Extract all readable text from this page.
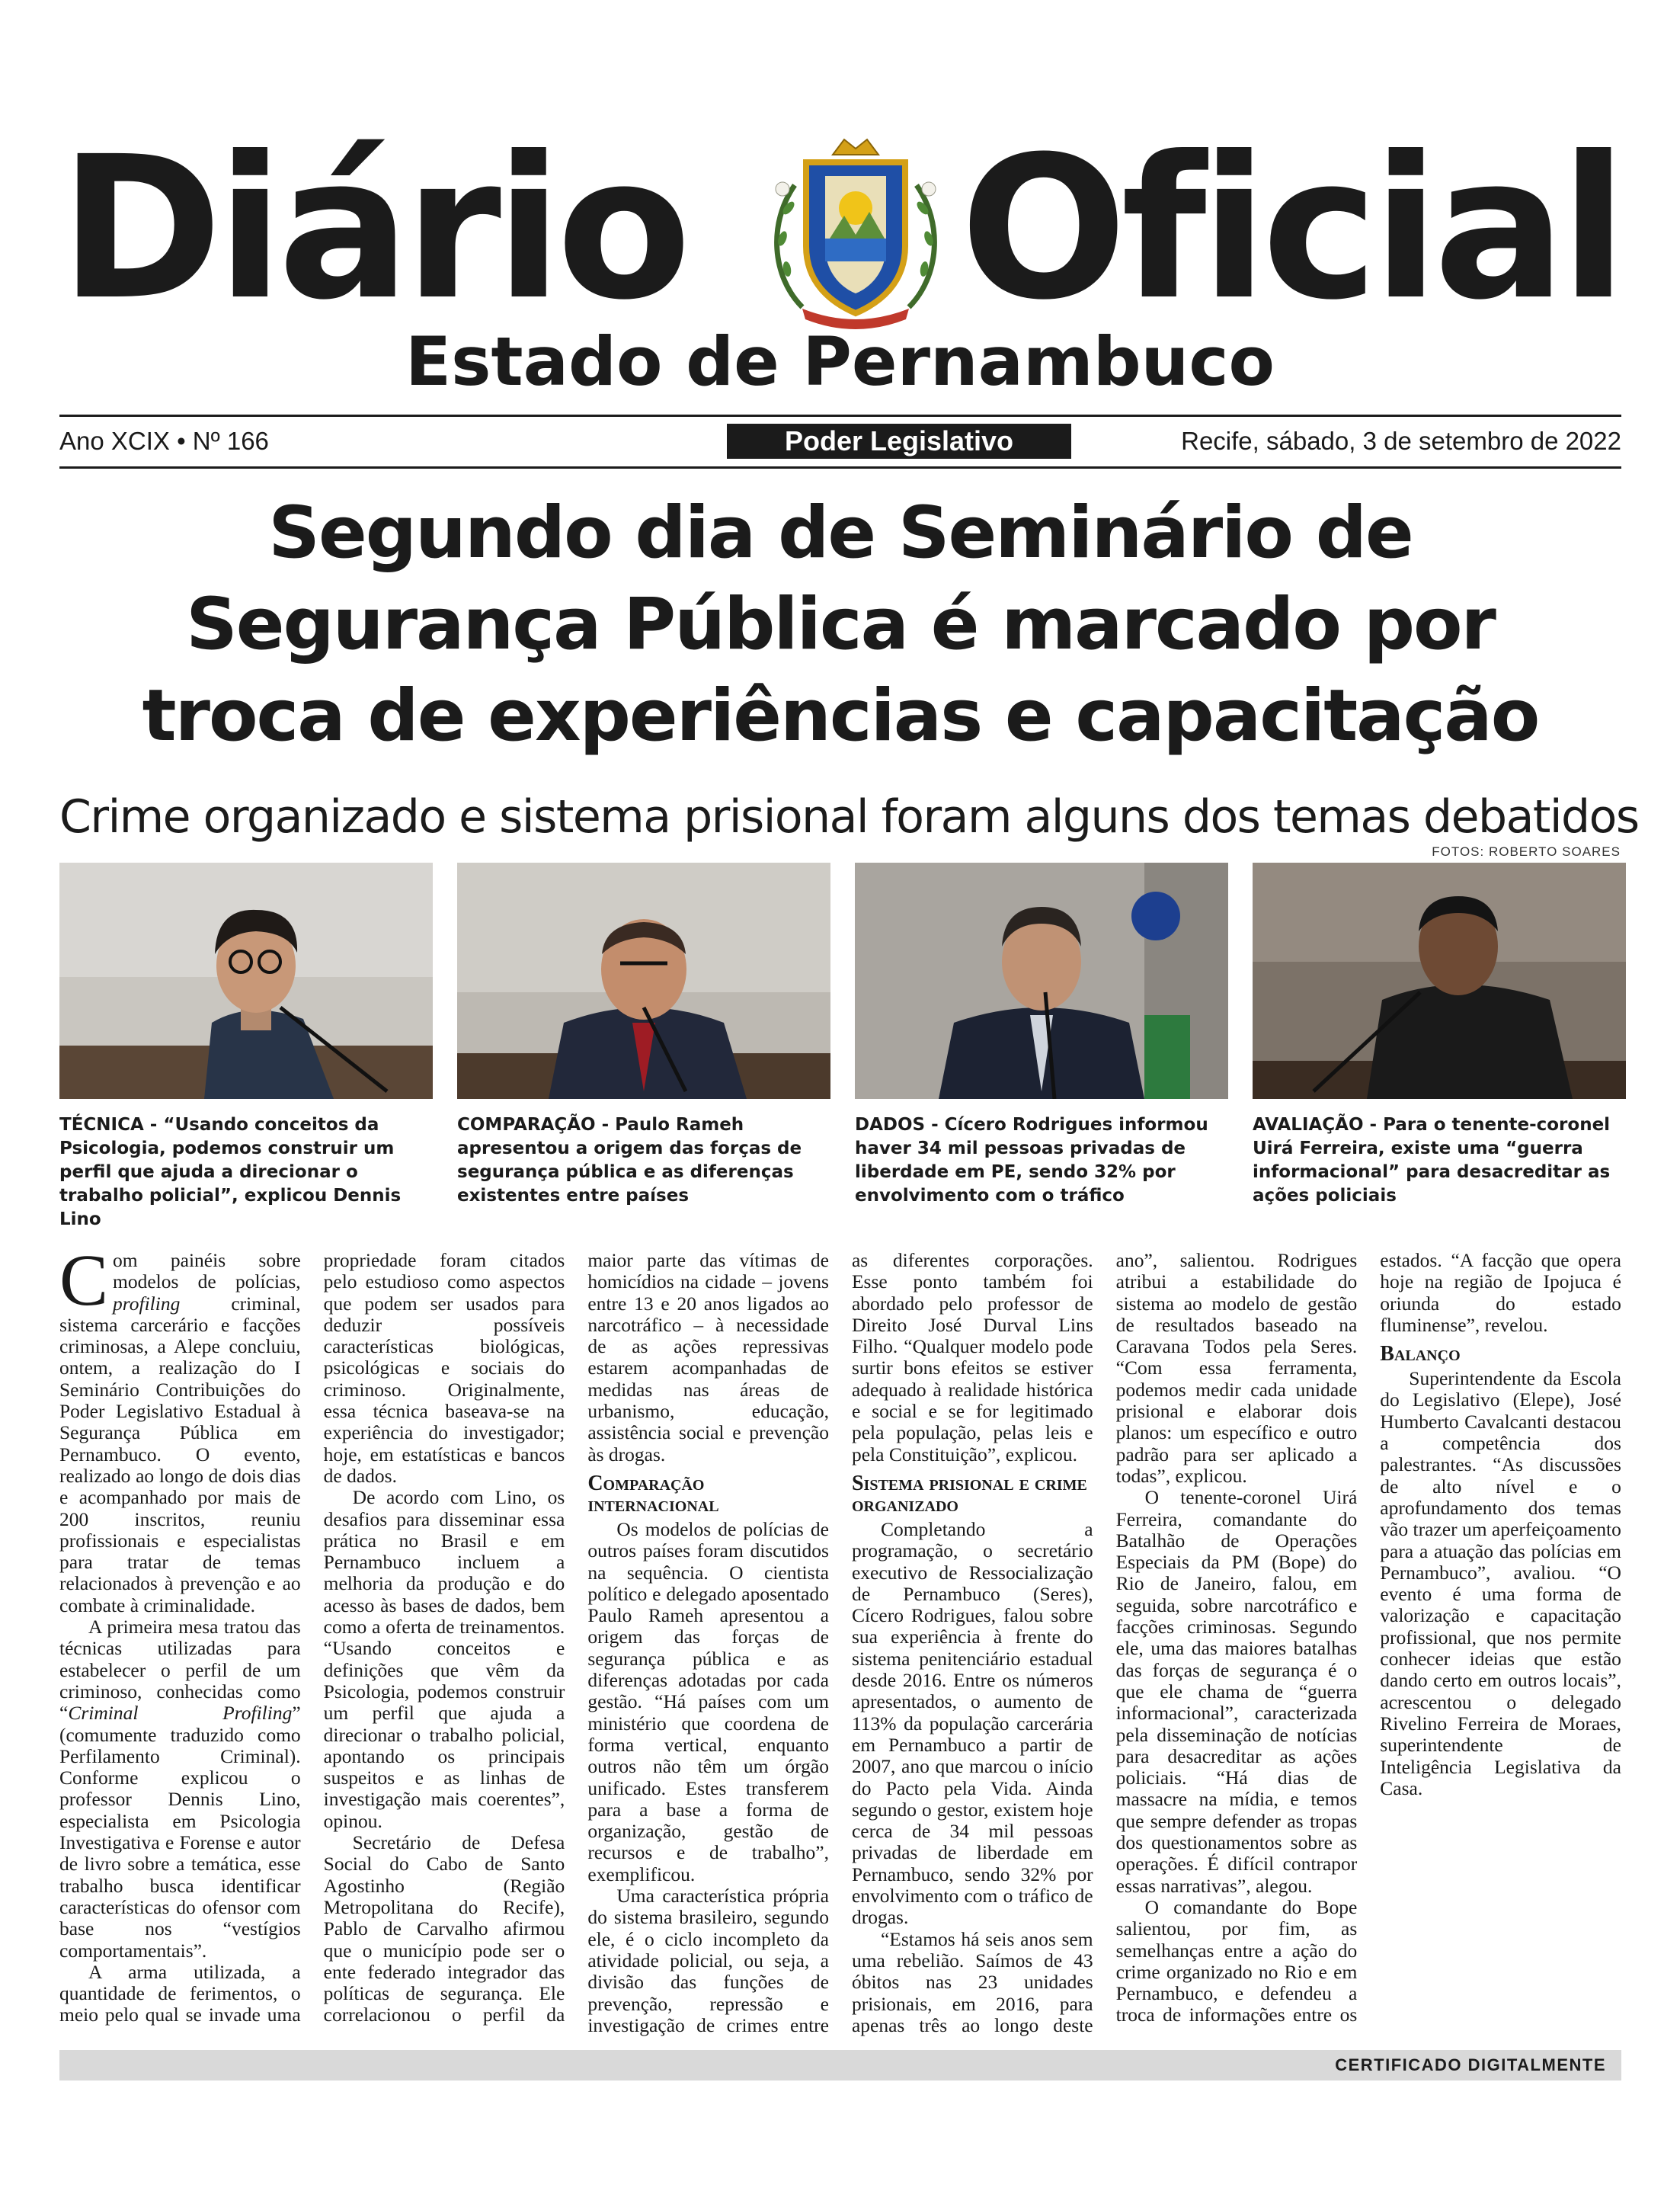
Diário Oficial
Estado de Pernambuco
Ano XCIX • Nº 166	Poder Legislativo	Recife, sábado, 3 de setembro de 2022
Segundo dia de Seminário de
Segurança Pública é marcado por
troca de experiências e capacitação
Crime organizado e sistema prisional foram alguns dos temas debatidos
FOTOS: ROBERTO SOARES
TÉCNICA - “Usando conceitos da Psicologia, podemos construir um perfil que ajuda a direcionar o trabalho policial”, explicou Dennis Lino
COMPARAÇÃO - Paulo Rameh apresentou a origem das forças de segurança pública e as diferenças existentes entre países
DADOS - Cícero Rodrigues informou haver 34 mil pessoas privadas de liberdade em PE, sendo 32% por envolvimento com o tráfico
AVALIAÇÃO - Para o tenente-coronel Uirá Ferreira, existe uma “guerra informacional” para desacreditar as ações policiais

Com painéis sobre modelos de polícias, profiling criminal, sistema carcerário e facções criminosas, a Alepe concluiu, ontem, a realização do I Seminário Contribuições do Poder Legislativo Estadual à Segurança Pública em Pernambuco. O evento, realizado ao longo de dois dias e acompanhado por mais de 200 inscritos, reuniu profissionais e especialistas para tratar de temas relacionados à prevenção e ao combate à criminalidade.

A primeira mesa tratou das técnicas utilizadas para estabelecer o perfil de um criminoso, conhecidas como “Criminal Profiling” (comumente traduzido como Perfilamento Criminal). Conforme explicou o professor Dennis Lino, especialista em Psicologia Investigativa e Forense e autor de livro sobre a temática, esse trabalho busca identificar características do ofensor com base nos “vestígios comportamentais”.

A arma utilizada, a quantidade de ferimentos, o meio pelo qual se invade uma propriedade foram citados pelo estudioso como aspectos que podem ser usados para deduzir possíveis características biológicas, psicológicas e sociais do criminoso. Originalmente, essa técnica baseava-se na experiência do investigador; hoje, em estatísticas e bancos de dados.

De acordo com Lino, os desafios para disseminar essa prática no Brasil e em Pernambuco incluem a melhoria da produção e do acesso às bases de dados, bem como a oferta de treinamentos. “Usando conceitos e definições que vêm da Psicologia, podemos construir um perfil que ajuda a direcionar o trabalho policial, apontando os principais suspeitos e as linhas de investigação mais coerentes”, opinou.

Secretário de Defesa Social do Cabo de Santo Agostinho (Região Metropolitana do Recife), Pablo de Carvalho afirmou que o município pode ser o ente federado integrador das políticas de segurança. Ele correlacionou o perfil da maior parte das vítimas de homicídios na cidade – jovens entre 13 e 20 anos ligados ao narcotráfico – à necessidade de as ações repressivas estarem acompanhadas de medidas nas áreas de urbanismo, educação, assistência social e prevenção às drogas.

Comparação internacional

Os modelos de polícias de outros países foram discutidos na sequência. O cientista político e delegado aposentado Paulo Rameh apresentou a origem das forças de segurança pública e as diferenças adotadas por cada gestão. “Há países com um ministério que coordena de forma vertical, enquanto outros não têm um órgão unificado. Estes transferem para a base a forma de organização, gestão de recursos e de trabalho”, exemplificou.

Uma característica própria do sistema brasileiro, segundo ele, é o ciclo incompleto da atividade policial, ou seja, a divisão das funções de prevenção, repressão e investigação de crimes entre as diferentes corporações. Esse ponto também foi abordado pelo professor de Direito José Durval Lins Filho. “Qualquer modelo pode surtir bons efeitos se estiver adequado à realidade histórica e social e se for legitimado pela população, pelas leis e pela Constituição”, explicou.

Sistema prisional e crime organizado

Completando a programação, o secretário executivo de Ressocialização de Pernambuco (Seres), Cícero Rodrigues, falou sobre sua experiência à frente do sistema penitenciário estadual desde 2016. Entre os números apresentados, o aumento de 113% da população carcerária em Pernambuco a partir de 2007, ano que marcou o início do Pacto pela Vida. Ainda segundo o gestor, existem hoje cerca de 34 mil pessoas privadas de liberdade em Pernambuco, sendo 32% por envolvimento com o tráfico de drogas.

“Estamos há seis anos sem uma rebelião. Saímos de 43 óbitos nas 23 unidades prisionais, em 2016, para apenas três ao longo deste ano”, salientou. Rodrigues atribui a estabilidade do sistema ao modelo de gestão de resultados baseado na Caravana Todos pela Seres. “Com essa ferramenta, podemos medir cada unidade prisional e elaborar dois planos: um específico e outro padrão para ser aplicado a todas”, explicou.

O tenente-coronel Uirá Ferreira, comandante do Batalhão de Operações Especiais da PM (Bope) do Rio de Janeiro, falou, em seguida, sobre narcotráfico e facções criminosas. Segundo ele, uma das maiores batalhas das forças de segurança é o que ele chama de “guerra informacional”, caracterizada pela disseminação de notícias para desacreditar as ações policiais. “Há dias de massacre na mídia, e temos que sempre defender as tropas dos questionamentos sobre as operações. É difícil contrapor essas narrativas”, alegou.

O comandante do Bope salientou, por fim, as semelhanças entre a ação do crime organizado no Rio e em Pernambuco, e defendeu a troca de informações entre os estados. “A facção que opera hoje na região de Ipojuca é oriunda do estado fluminense”, revelou.

Balanço

Superintendente da Escola do Legislativo (Elepe), José Humberto Cavalcanti destacou a competência dos palestrantes. “As discussões de alto nível e o aprofundamento dos temas vão trazer um aperfeiçoamento para a atuação das polícias em Pernambuco”, avaliou. “O evento é uma forma de valorização e capacitação profissional, que nos permite conhecer ideias que estão dando certo em outros locais”, acrescentou o delegado Rivelino Ferreira de Moraes, superintendente de Inteligência Legislativa da Casa.

CERTIFICADO DIGITALMENTE
